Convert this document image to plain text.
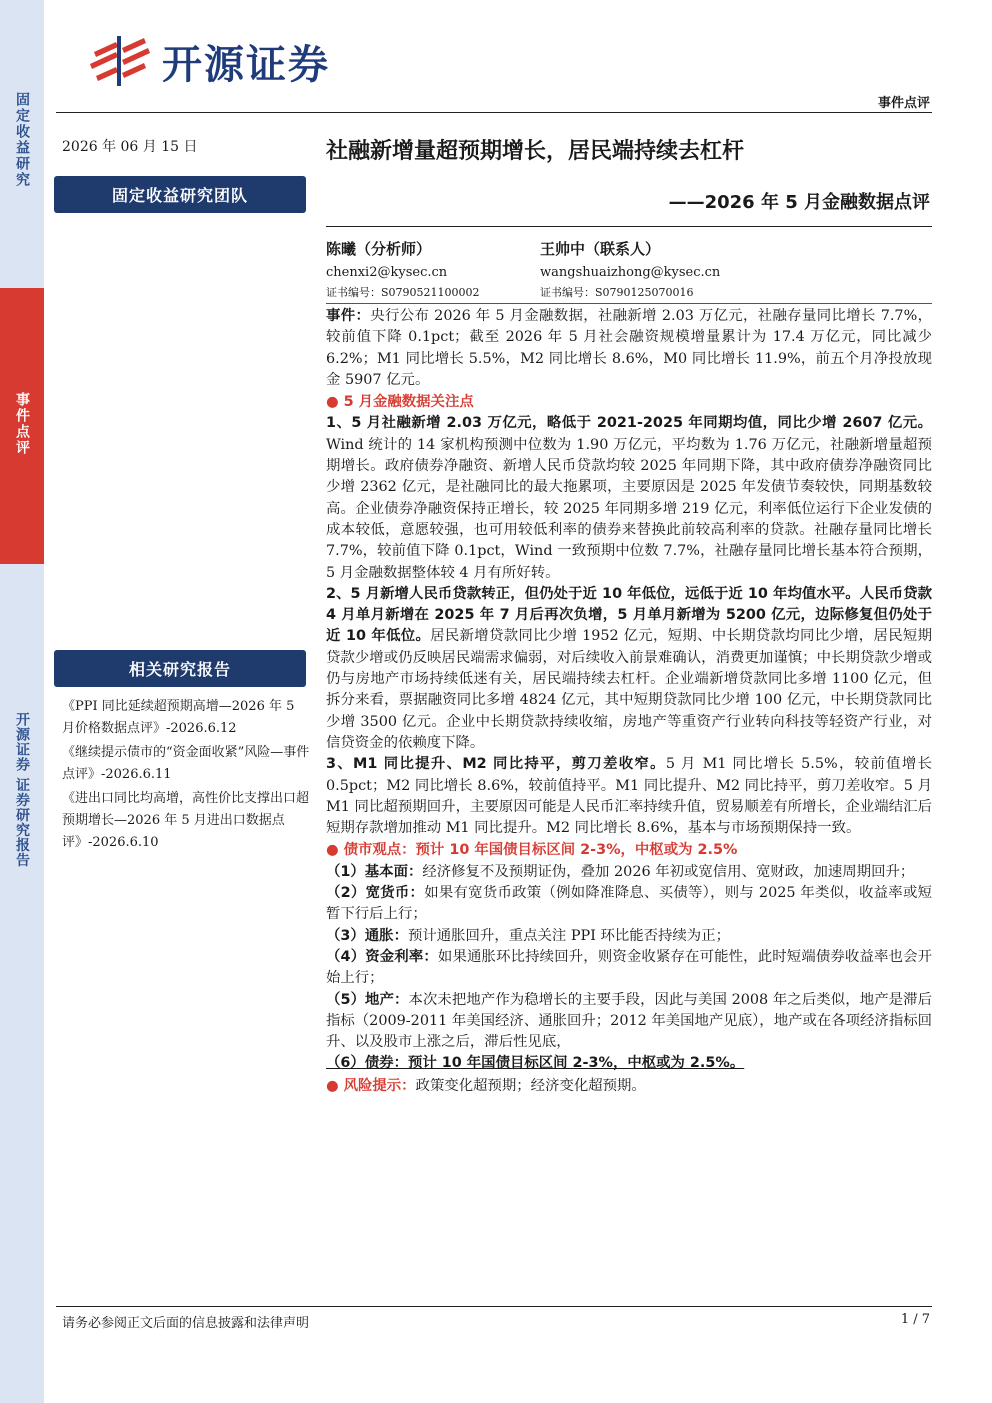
固定收益研究
事件点评
开源证券 证券研究报告
开源证券
事件点评
2026 年 06 月 15 日
固定收益研究团队
相关研究报告

《PPI 同比延续超预期高增—2026 年 5 月价格数据点评》-2026.6.12

《继续提示债市的“资金面收紧”风险—事件点评》-2026.6.11

《进出口同比均高增，高性价比支撑出口超预期增长—2026 年 5 月进出口数据点评》-2026.6.10

社融新增量超预期增长，居民端持续去杠杆
——2026 年 5 月金融数据点评
陈曦（分析师）
chenxi2@kysec.cn
证书编号：S0790521100002
王帅中（联系人）
wangshuaizhong@kysec.cn
证书编号：S0790125070016

事件：央行公布 2026 年 5 月金融数据，社融新增 2.03 万亿元，社融存量同比增长 7.7%，较前值下降 0.1pct；截至 2026 年 5 月社会融资规模增量累计为 17.4 万亿元，同比减少 6.2%；M1 同比增长 5.5%，M2 同比增长 8.6%，M0 同比增长 11.9%，前五个月净投放现金 5907 亿元。

● 5 月金融数据关注点

1、5 月社融新增 2.03 万亿元，略低于 2021-2025 年同期均值，同比少增 2607 亿元。Wind 统计的 14 家机构预测中位数为 1.90 万亿元，平均数为 1.76 万亿元，社融新增量超预期增长。政府债券净融资、新增人民币贷款均较 2025 年同期下降，其中政府债券净融资同比少增 2362 亿元，是社融同比的最大拖累项，主要原因是 2025 年发债节奏较快，同期基数较高。企业债券净融资保持正增长，较 2025 年同期多增 219 亿元，利率低位运行下企业发债的成本较低，意愿较强，也可用较低利率的债券来替换此前较高利率的贷款。社融存量同比增长 7.7%，较前值下降 0.1pct，Wind 一致预期中位数 7.7%，社融存量同比增长基本符合预期，5 月金融数据整体较 4 月有所好转。

2、5 月新增人民币贷款转正，但仍处于近 10 年低位，远低于近 10 年均值水平。人民币贷款 4 月单月新增在 2025 年 7 月后再次负增，5 月单月新增为 5200 亿元，边际修复但仍处于近 10 年低位。居民新增贷款同比少增 1952 亿元，短期、中长期贷款均同比少增，居民短期贷款少增或仍反映居民端需求偏弱，对后续收入前景难确认，消费更加谨慎；中长期贷款少增或仍与房地产市场持续低迷有关，居民端持续去杠杆。企业端新增贷款同比多增 1100 亿元，但拆分来看，票据融资同比多增 4824 亿元，其中短期贷款同比少增 100 亿元，中长期贷款同比少增 3500 亿元。企业中长期贷款持续收缩，房地产等重资产行业转向科技等轻资产行业，对信贷资金的依赖度下降。

3、M1 同比提升、M2 同比持平，剪刀差收窄。5 月 M1 同比增长 5.5%，较前值增长 0.5pct；M2 同比增长 8.6%，较前值持平。M1 同比提升、M2 同比持平，剪刀差收窄。5 月 M1 同比超预期回升，主要原因可能是人民币汇率持续升值，贸易顺差有所增长，企业端结汇后短期存款增加推动 M1 同比提升。M2 同比增长 8.6%，基本与市场预期保持一致。

● 债市观点：预计 10 年国债目标区间 2-3%，中枢或为 2.5%

（1）基本面：经济修复不及预期证伪，叠加 2026 年初或宽信用、宽财政，加速周期回升；

（2）宽货币：如果有宽货币政策（例如降准降息、买债等），则与 2025 年类似，收益率或短暂下行后上行；

（3）通胀：预计通胀回升，重点关注 PPI 环比能否持续为正；

（4）资金利率：如果通胀环比持续回升，则资金收紧存在可能性，此时短端债券收益率也会开始上行；

（5）地产：本次未把地产作为稳增长的主要手段，因此与美国 2008 年之后类似，地产是滞后指标（2009-2011 年美国经济、通胀回升；2012 年美国地产见底），地产或在各项经济指标回升、以及股市上涨之后，滞后性见底，

（6）债券：预计 10 年国债目标区间 2-3%，中枢或为 2.5%。

● 风险提示：政策变化超预期；经济变化超预期。

请务必参阅正文后面的信息披露和法律声明	1 / 7
